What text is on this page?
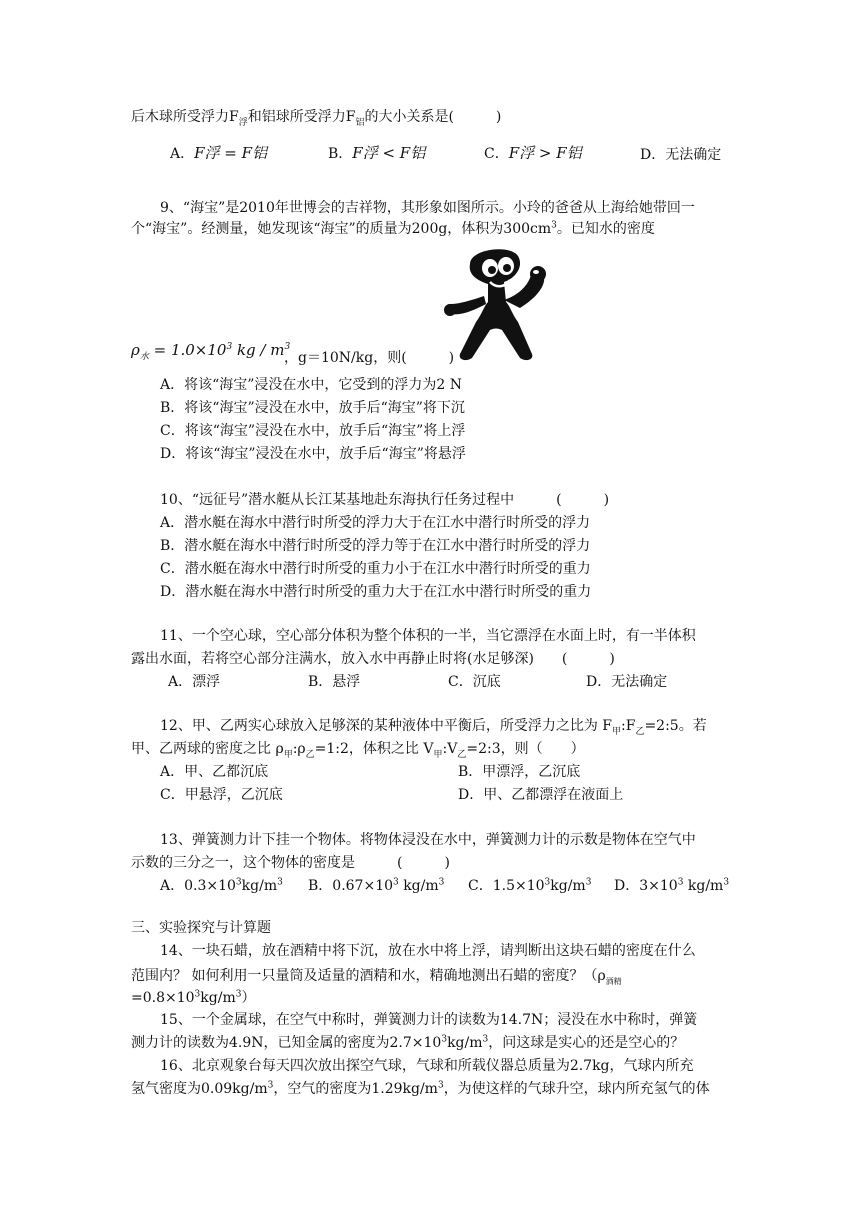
后木球所受浮力$F_浮$和铝球所受浮力$F_铝$的大小关系是(　　　)
A．F浮 = F铝	B．F浮 < F铝	C．F浮 > F铝	D．无法确定
9、“海宝”是2010年世博会的吉祥物，其形象如图所示。小玲的爸爸从上海给她带回一
个“海宝”。经测量，她发现该“海宝”的质量为200g，体积为$300cm^3$。已知水的密度
$\rho_水 = 1.0\times 10^3$ kg / $m^3$
，g＝10N/kg，则(　　　)
A．将该“海宝”浸没在水中，它受到的浮力为2 N
B．将该“海宝”浸没在水中，放手后“海宝”将下沉
C．将该“海宝”浸没在水中，放手后“海宝”将上浮
D．将该“海宝”浸没在水中，放手后“海宝”将悬浮
10、“远征号”潜水艇从长江某基地赴东海执行任务过程中　　　(　　　)
A．潜水艇在海水中潜行时所受的浮力大于在江水中潜行时所受的浮力
B．潜水艇在海水中潜行时所受的浮力等于在江水中潜行时所受的浮力
C．潜水艇在海水中潜行时所受的重力小于在江水中潜行时所受的重力
D．潜水艇在海水中潜行时所受的重力大于在江水中潜行时所受的重力
11、一个空心球，空心部分体积为整个体积的一半，当它漂浮在水面上时，有一半体积
露出水面，若将空心部分注满水，放入水中再静止时将(水足够深)　　(　　　)
A．漂浮	B．悬浮	C．沉底	D．无法确定
12、甲、乙两实心球放入足够深的某种液体中平衡后，所受浮力之比为 $F_甲:F_乙=2:5$。若
甲、乙两球的密度之比 $\rho_甲:\rho_乙=1:2$，体积之比 $V_甲:V_乙=2:3$，则（　　）
A．甲、乙都沉底	B．甲漂浮，乙沉底
C．甲悬浮，乙沉底	D．甲、乙都漂浮在液面上
13、弹簧测力计下挂一个物体。将物体浸没在水中，弹簧测力计的示数是物体在空气中
示数的三分之一，这个物体的密度是　　　(　　　)
A．$0.3\times 10^3kg/m^3$ B．$0.67\times 10^3$ $kg/m^3$ C．$1.5\times 10^3kg/m^3$ D．$3\times 10^3$ $kg/m^3$
三、实验探究与计算题
14、一块石蜡，放在酒精中将下沉，放在水中将上浮，请判断出这块石蜡的密度在什么
范围内？ 如何利用一只量筒及适量的酒精和水，精确地测出石蜡的密度？（$\rho_{酒精}$
$=0.8\times 10^3kg/m^3$）
15、一个金属球，在空气中称时，弹簧测力计的读数为14.7N；浸没在水中称时，弹簧
测力计的读数为4.9N，已知金属的密度为$2.7\times 10^3kg/m^3$，问这球是实心的还是空心的？
16、北京观象台每天四次放出探空气球，气球和所载仪器总质量为2.7kg，气球内所充
氢气密度为$0.09kg/m^3$，空气的密度为$1.29kg/m^3$，为使这样的气球升空，球内所充氢气的体
